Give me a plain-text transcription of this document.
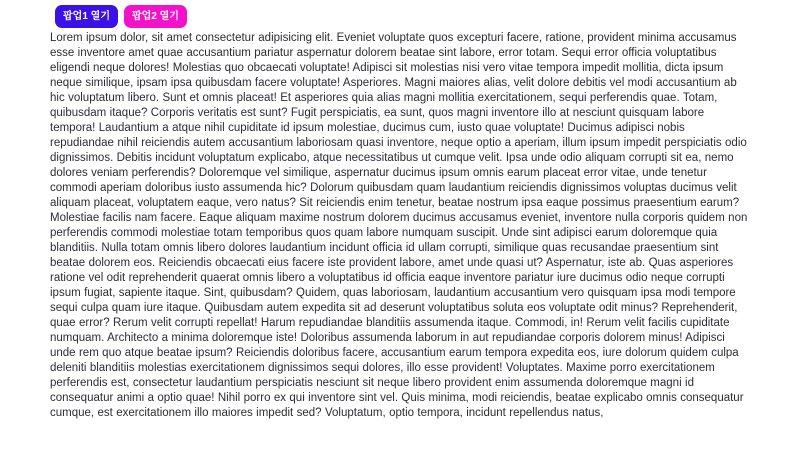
팝업1 열기	팝업2 열기

Lorem ipsum dolor, sit amet consectetur adipisicing elit. Eveniet voluptate quos excepturi facere, ratione, provident minima accusamus esse inventore amet quae accusantium pariatur aspernatur dolorem beatae sint labore, error totam. Sequi error officia voluptatibus eligendi neque dolores! Molestias quo obcaecati voluptate! Adipisci sit molestias nisi vero vitae tempora impedit mollitia, dicta ipsum neque similique, ipsam ipsa quibusdam facere voluptate! Asperiores. Magni maiores alias, velit dolore debitis vel modi accusantium ab hic voluptatum libero. Sunt et omnis placeat! Et asperiores quia alias magni mollitia exercitationem, sequi perferendis quae. Totam, quibusdam itaque? Corporis veritatis est sunt? Fugit perspiciatis, ea sunt, quos magni inventore illo at nesciunt quisquam labore tempora! Laudantium a atque nihil cupiditate id ipsum molestiae, ducimus cum, iusto quae voluptate! Ducimus adipisci nobis repudiandae nihil reiciendis autem accusantium laboriosam quasi inventore, neque optio a aperiam, illum ipsum impedit perspiciatis odio dignissimos. Debitis incidunt voluptatum explicabo, atque necessitatibus ut cumque velit. Ipsa unde odio aliquam corrupti sit ea, nemo dolores veniam perferendis? Doloremque vel similique, aspernatur ducimus ipsum omnis earum placeat error vitae, unde tenetur commodi aperiam doloribus iusto assumenda hic? Dolorum quibusdam quam laudantium reiciendis dignissimos voluptas ducimus velit aliquam placeat, voluptatem eaque, vero natus? Sit reiciendis enim tenetur, beatae nostrum ipsa eaque possimus praesentium earum? Molestiae facilis nam facere. Eaque aliquam maxime nostrum dolorem ducimus accusamus eveniet, inventore nulla corporis quidem non perferendis commodi molestiae totam temporibus quos quam labore numquam suscipit. Unde sint adipisci earum doloremque quia blanditiis. Nulla totam omnis libero dolores laudantium incidunt officia id ullam corrupti, similique quas recusandae praesentium sint beatae dolorem eos. Reiciendis obcaecati eius facere iste provident labore, amet unde quasi ut? Aspernatur, iste ab. Quas asperiores ratione vel odit reprehenderit quaerat omnis libero a voluptatibus id officia eaque inventore pariatur iure ducimus odio neque corrupti ipsum fugiat, sapiente itaque. Sint, quibusdam? Quidem, quas laboriosam, laudantium accusantium vero quisquam ipsa modi tempore sequi culpa quam iure itaque. Quibusdam autem expedita sit ad deserunt voluptatibus soluta eos voluptate odit minus? Reprehenderit, quae error? Rerum velit corrupti repellat! Harum repudiandae blanditiis assumenda itaque. Commodi, in! Rerum velit facilis cupiditate numquam. Architecto a minima doloremque iste! Doloribus assumenda laborum in aut repudiandae corporis dolorem minus! Adipisci unde rem quo atque beatae ipsum? Reiciendis doloribus facere, accusantium earum tempora expedita eos, iure dolorum quidem culpa deleniti blanditiis molestias exercitationem dignissimos sequi dolores, illo esse provident! Voluptates. Maxime porro exercitationem perferendis est, consectetur laudantium perspiciatis nesciunt sit neque libero provident enim assumenda doloremque magni id consequatur animi a optio quae! Nihil porro ex qui inventore sint vel. Quis minima, modi reiciendis, beatae explicabo omnis consequatur cumque, est exercitationem illo maiores impedit sed? Voluptatum, optio tempora, incidunt repellendus natus,
